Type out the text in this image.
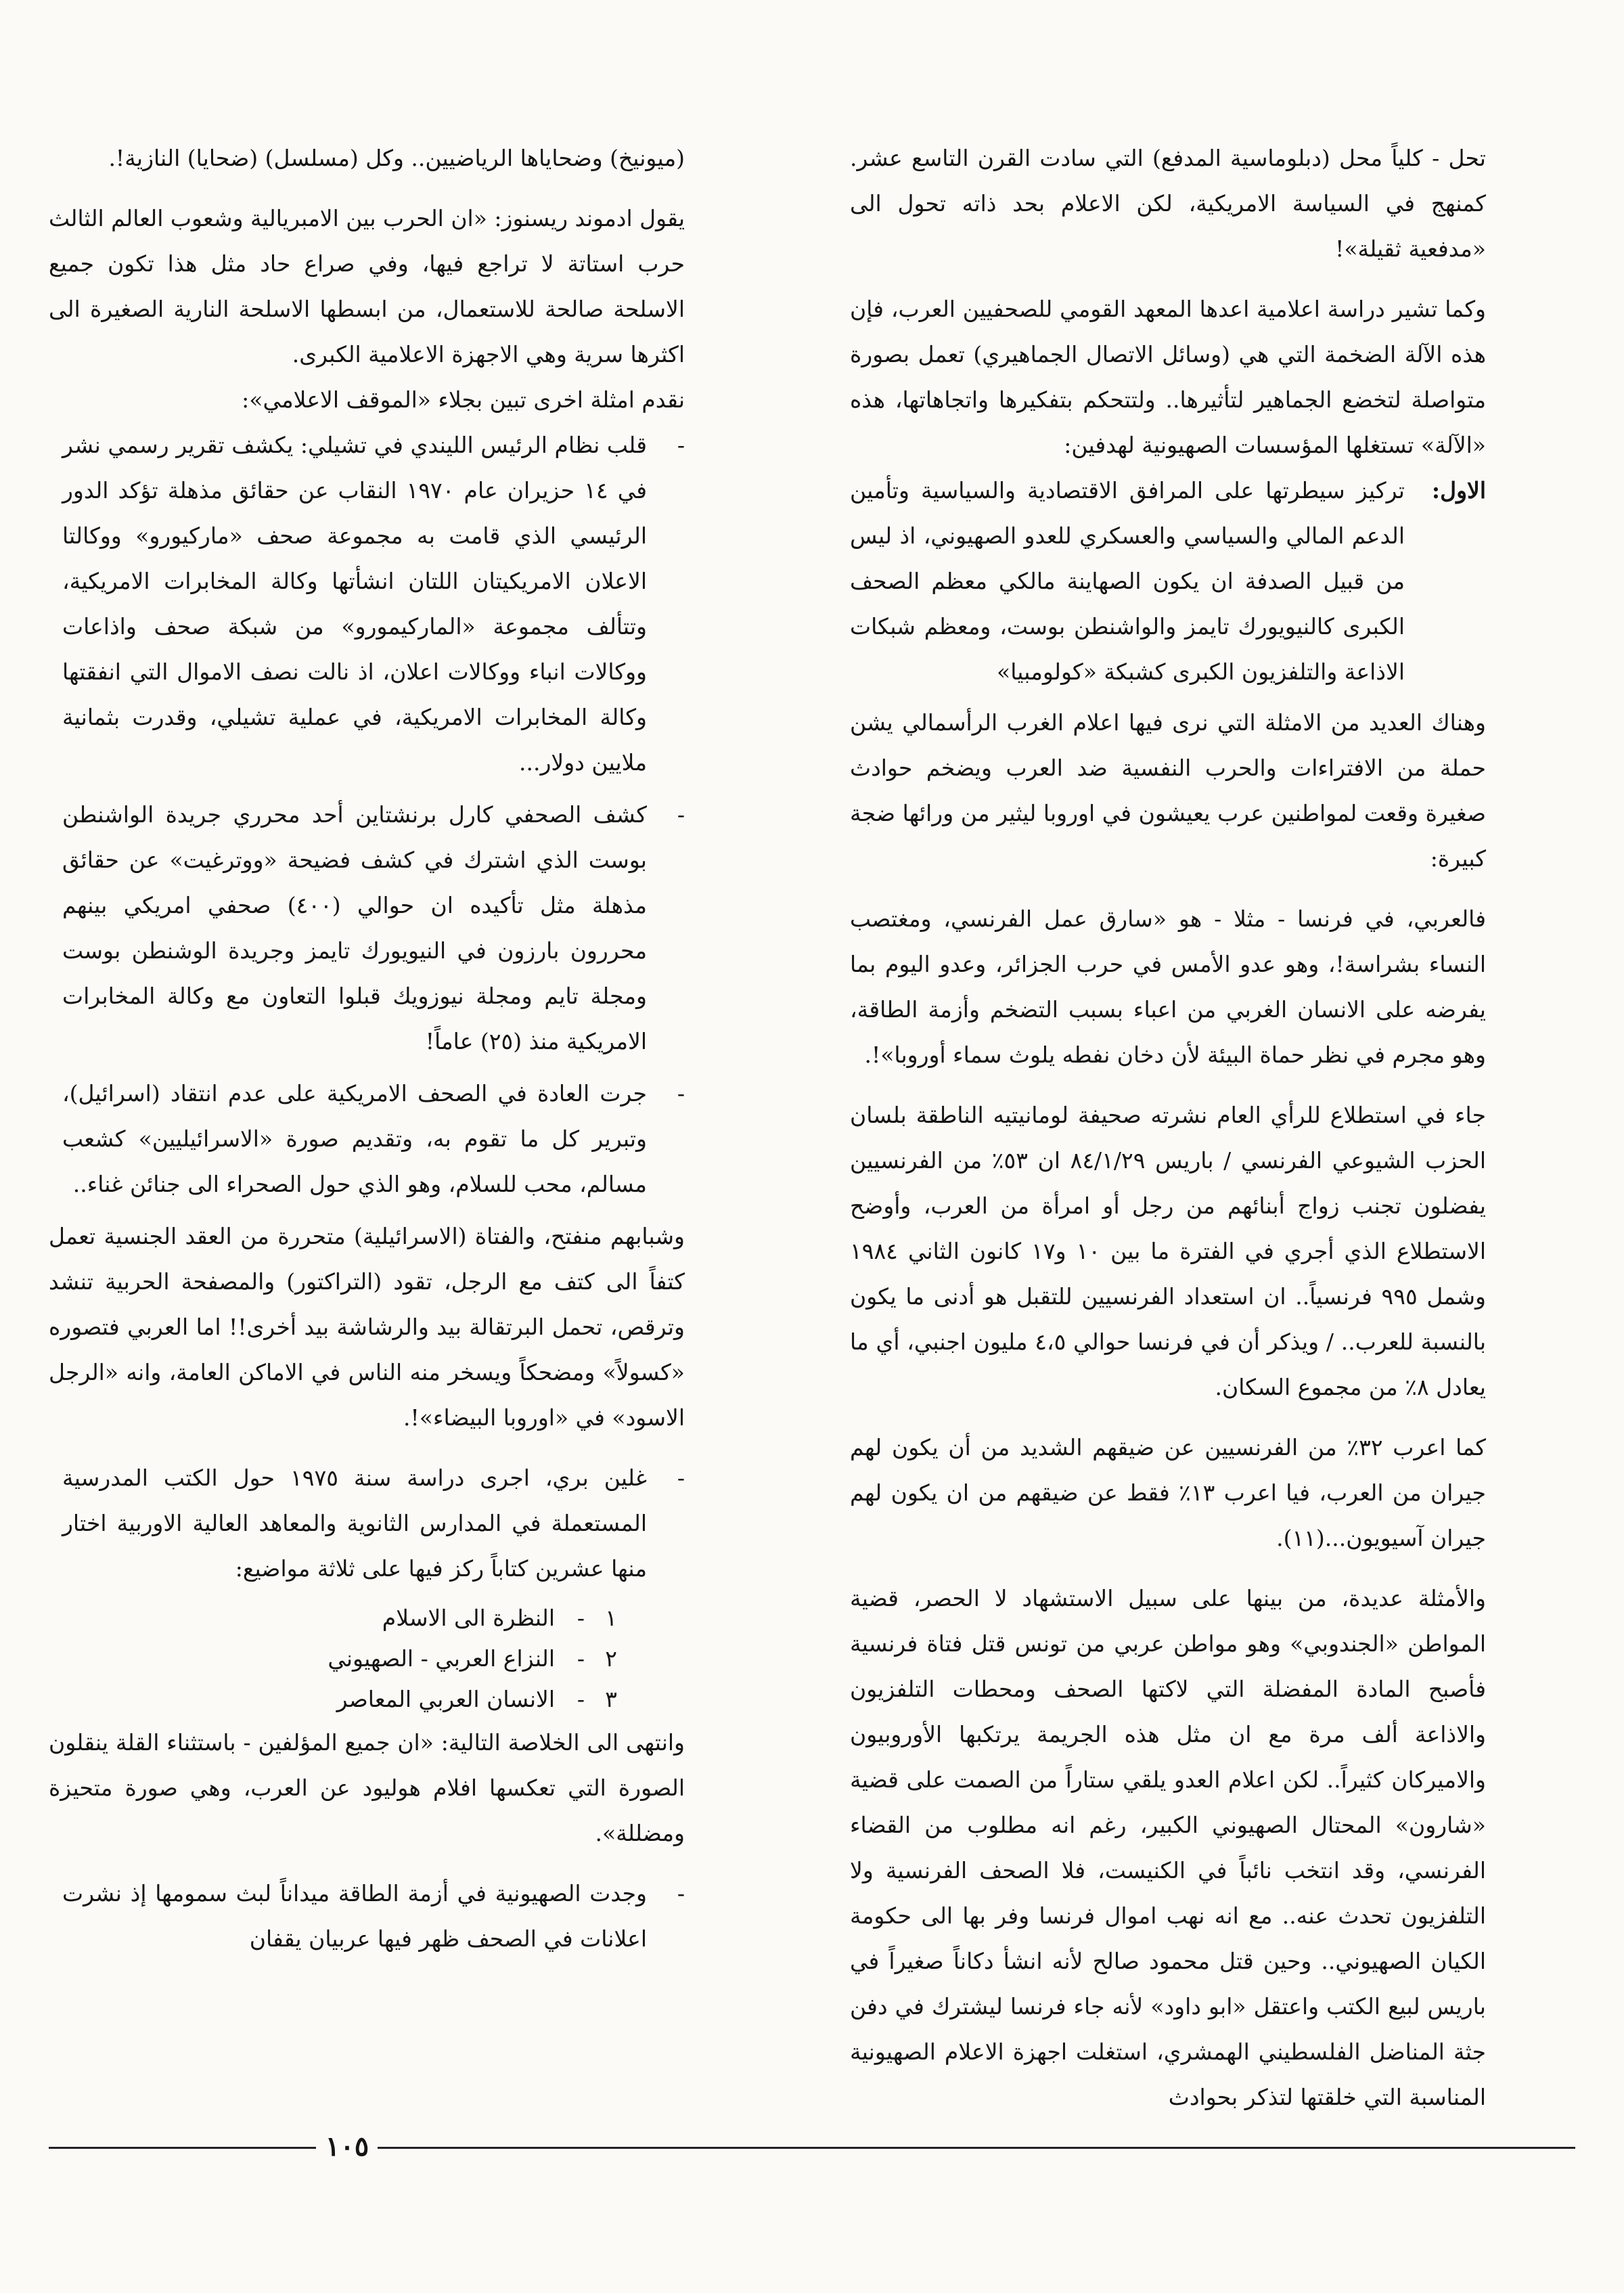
تحل - كلياً محل (دبلوماسية المدفع) التي سادت القرن التاسع عشر. كمنهج في السياسة الامريكية، لكن الاعلام بحد ذاته تحول الى «مدفعية ثقيلة»!

وكما تشير دراسة اعلامية اعدها المعهد القومي للصحفيين العرب، فإن هذه الآلة الضخمة التي هي (وسائل الاتصال الجماهيري) تعمل بصورة متواصلة لتخضع الجماهير لتأثيرها.. ولتتحكم بتفكيرها واتجاهاتها، هذه «الآلة» تستغلها المؤسسات الصهيونية لهدفين:

الاول:
تركيز سيطرتها على المرافق الاقتصادية والسياسية وتأمين الدعم المالي والسياسي والعسكري للعدو الصهيوني، اذ ليس من قبيل الصدفة ان يكون الصهاينة مالكي معظم الصحف الكبرى كالنيويورك تايمز والواشنطن بوست، ومعظم شبكات الاذاعة والتلفزيون الكبرى كشبكة «كولومبيا»

وهناك العديد من الامثلة التي نرى فيها اعلام الغرب الرأسمالي يشن حملة من الافتراءات والحرب النفسية ضد العرب ويضخم حوادث صغيرة وقعت لمواطنين عرب يعيشون في اوروبا ليثير من ورائها ضجة كبيرة:

فالعربي، في فرنسا - مثلا - هو «سارق عمل الفرنسي، ومغتصب النساء بشراسة!، وهو عدو الأمس في حرب الجزائر، وعدو اليوم بما يفرضه على الانسان الغربي من اعباء بسبب التضخم وأزمة الطاقة، وهو مجرم في نظر حماة البيئة لأن دخان نفطه يلوث سماء أوروبا»!.

جاء في استطلاع للرأي العام نشرته صحيفة لومانيتيه الناطقة بلسان الحزب الشيوعي الفرنسي / باريس ٨٤/١/٢٩ ان ٥٣٪ من الفرنسيين يفضلون تجنب زواج أبنائهم من رجل أو امرأة من العرب، وأوضح الاستطلاع الذي أجري في الفترة ما بين ١٠ و١٧ كانون الثاني ١٩٨٤ وشمل ٩٩٥ فرنسياً.. ان استعداد الفرنسيين للتقبل هو أدنى ما يكون بالنسبة للعرب.. / ويذكر أن في فرنسا حوالي ٤،٥ مليون اجنبي، أي ما يعادل ٨٪ من مجموع السكان.

كما اعرب ٣٢٪ من الفرنسيين عن ضيقهم الشديد من أن يكون لهم جيران من العرب، فيا اعرب ١٣٪ فقط عن ضيقهم من ان يكون لهم جيران آسيويون...(١١).

والأمثلة عديدة، من بينها على سبيل الاستشهاد لا الحصر، قضية المواطن «الجندوبي» وهو مواطن عربي من تونس قتل فتاة فرنسية فأصبح المادة المفضلة التي لاكتها الصحف ومحطات التلفزيون والاذاعة ألف مرة مع ان مثل هذه الجريمة يرتكبها الأوروبيون والاميركان كثيراً.. لكن اعلام العدو يلقي ستاراً من الصمت على قضية «شارون» المحتال الصهيوني الكبير، رغم انه مطلوب من القضاء الفرنسي، وقد انتخب نائباً في الكنيست، فلا الصحف الفرنسية ولا التلفزيون تحدث عنه.. مع انه نهب اموال فرنسا وفر بها الى حكومة الكيان الصهيوني.. وحين قتل محمود صالح لأنه انشأ دكاناً صغيراً في باريس لبيع الكتب واعتقل «ابو داود» لأنه جاء فرنسا ليشترك في دفن جثة المناضل الفلسطيني الهمشري، استغلت اجهزة الاعلام الصهيونية المناسبة التي خلقتها لتذكر بحوادث

(ميونيخ) وضحاياها الرياضيين.. وكل (مسلسل) (ضحايا) النازية!.

يقول ادموند ريسنوز: «ان الحرب بين الامبريالية وشعوب العالم الثالث حرب استاتة لا تراجع فيها، وفي صراع حاد مثل هذا تكون جميع الاسلحة صالحة للاستعمال، من ابسطها الاسلحة النارية الصغيرة الى اكثرها سرية وهي الاجهزة الاعلامية الكبرى.

نقدم امثلة اخرى تبين بجلاء «الموقف الاعلامي»:

-
قلب نظام الرئيس الليندي في تشيلي: يكشف تقرير رسمي نشر في ١٤ حزيران عام ١٩٧٠ النقاب عن حقائق مذهلة تؤكد الدور الرئيسي الذي قامت به مجموعة صحف «ماركيورو» ووكالتا الاعلان الامريكيتان اللتان انشأتها وكالة المخابرات الامريكية، وتتألف مجموعة «الماركيمورو» من شبكة صحف واذاعات ووكالات انباء ووكالات اعلان، اذ نالت نصف الاموال التي انفقتها وكالة المخابرات الامريكية، في عملية تشيلي، وقدرت بثمانية ملايين دولار...
-
كشف الصحفي كارل برنشتاين أحد محرري جريدة الواشنطن بوست الذي اشترك في كشف فضيحة «ووترغيت» عن حقائق مذهلة مثل تأكيده ان حوالي (٤٠٠) صحفي امريكي بينهم محررون بارزون في النيويورك تايمز وجريدة الوشنطن بوست ومجلة تايم ومجلة نيوزويك قبلوا التعاون مع وكالة المخابرات الامريكية منذ (٢٥) عاماً!
-
جرت العادة في الصحف الامريكية على عدم انتقاد (اسرائيل)، وتبرير كل ما تقوم به، وتقديم صورة «الاسرائيليين» كشعب مسالم، محب للسلام، وهو الذي حول الصحراء الى جنائن غناء..

وشبابهم منفتح، والفتاة (الاسرائيلية) متحررة من العقد الجنسية تعمل كتفاً الى كتف مع الرجل، تقود (التراكتور) والمصفحة الحربية تنشد وترقص، تحمل البرتقالة بيد والرشاشة بيد أخرى!! اما العربي فتصوره «كسولاً» ومضحكاً ويسخر منه الناس في الاماكن العامة، وانه «الرجل الاسود» في «اوروبا البيضاء»!.

-
غلين بري، اجرى دراسة سنة ١٩٧٥ حول الكتب المدرسية المستعملة في المدارس الثانوية والمعاهد العالية الاوربية اختار منها عشرين كتاباً ركز فيها على ثلاثة مواضيع:
١
-
النظرة الى الاسلام
٢
-
النزاع العربي - الصهيوني
٣
-
الانسان العربي المعاصر

وانتهى الى الخلاصة التالية: «ان جميع المؤلفين - باستثناء القلة ينقلون الصورة التي تعكسها افلام هوليود عن العرب، وهي صورة متحيزة ومضللة».

-
وجدت الصهيونية في أزمة الطاقة ميداناً لبث سمومها إذ نشرت اعلانات في الصحف ظهر فيها عربيان يقفان
١٠٥
